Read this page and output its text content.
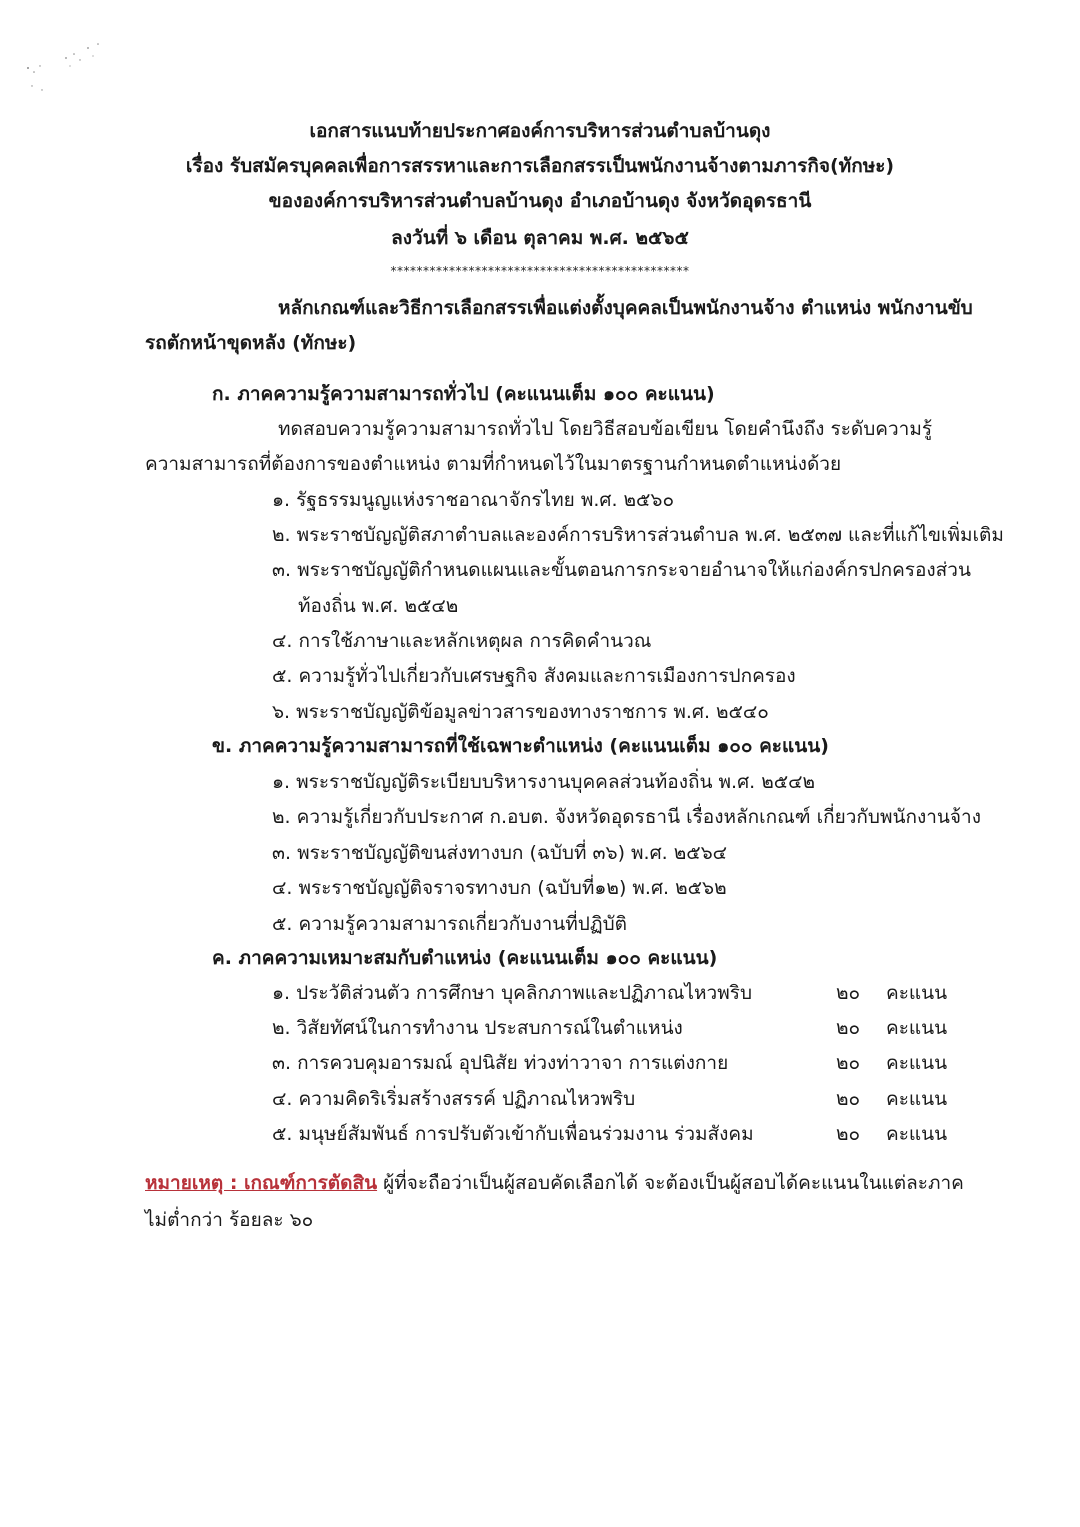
เอกสารแนบท้ายประกาศองค์การบริหารส่วนตำบลบ้านดุง
เรื่อง รับสมัครบุคคลเพื่อการสรรหาและการเลือกสรรเป็นพนักงานจ้างตามภารกิจ(ทักษะ)
ขององค์การบริหารส่วนตำบลบ้านดุง อำเภอบ้านดุง จังหวัดอุดรธานี
ลงวันที่ ๖ เดือน ตุลาคม พ.ศ. ๒๕๖๕
**********************************************
หลักเกณฑ์และวิธีการเลือกสรรเพื่อแต่งตั้งบุคคลเป็นพนักงานจ้าง ตำแหน่ง พนักงานขับ
รถตักหน้าขุดหลัง (ทักษะ)
ก. ภาคความรู้ความสามารถทั่วไป (คะแนนเต็ม ๑๐๐ คะแนน)
ทดสอบความรู้ความสามารถทั่วไป โดยวิธีสอบข้อเขียน โดยคำนึงถึง ระดับความรู้
ความสามารถที่ต้องการของตำแหน่ง ตามที่กำหนดไว้ในมาตรฐานกำหนดตำแหน่งด้วย
๑. รัฐธรรมนูญแห่งราชอาณาจักรไทย พ.ศ. ๒๕๖๐
๒. พระราชบัญญัติสภาตำบลและองค์การบริหารส่วนตำบล พ.ศ. ๒๕๓๗ และที่แก้ไขเพิ่มเติม
๓. พระราชบัญญัติกำหนดแผนและขั้นตอนการกระจายอำนาจให้แก่องค์กรปกครองส่วน
ท้องถิ่น พ.ศ. ๒๕๔๒
๔. การใช้ภาษาและหลักเหตุผล การคิดคำนวณ
๕. ความรู้ทั่วไปเกี่ยวกับเศรษฐกิจ สังคมและการเมืองการปกครอง
๖. พระราชบัญญัติข้อมูลข่าวสารของทางราชการ พ.ศ. ๒๕๔๐
ข. ภาคความรู้ความสามารถที่ใช้เฉพาะตำแหน่ง (คะแนนเต็ม ๑๐๐ คะแนน)
๑. พระราชบัญญัติระเบียบบริหารงานบุคคลส่วนท้องถิ่น พ.ศ. ๒๕๔๒
๒. ความรู้เกี่ยวกับประกาศ ก.อบต. จังหวัดอุดรธานี เรื่องหลักเกณฑ์ เกี่ยวกับพนักงานจ้าง
๓. พระราชบัญญัติขนส่งทางบก (ฉบับที่ ๓๖) พ.ศ. ๒๕๖๔
๔. พระราชบัญญัติจราจรทางบก (ฉบับที่๑๒) พ.ศ. ๒๕๖๒
๕. ความรู้ความสามารถเกี่ยวกับงานที่ปฏิบัติ
ค. ภาคความเหมาะสมกับตำแหน่ง (คะแนนเต็ม ๑๐๐ คะแนน)
๑. ประวัติส่วนตัว การศึกษา บุคลิกภาพและปฏิภาณไหวพริบ	๒๐ คะแนน
๒. วิสัยทัศน์ในการทำงาน ประสบการณ์ในตำแหน่ง	๒๐ คะแนน
๓. การควบคุมอารมณ์ อุปนิสัย ท่วงท่าวาจา การแต่งกาย	๒๐ คะแนน
๔. ความคิดริเริ่มสร้างสรรค์ ปฏิภาณไหวพริบ	๒๐ คะแนน
๕. มนุษย์สัมพันธ์ การปรับตัวเข้ากับเพื่อนร่วมงาน ร่วมสังคม	๒๐ คะแนน
หมายเหตุ : เกณฑ์การตัดสิน ผู้ที่จะถือว่าเป็นผู้สอบคัดเลือกได้ จะต้องเป็นผู้สอบได้คะแนนในแต่ละภาค
ไม่ต่ำกว่า ร้อยละ ๖๐
